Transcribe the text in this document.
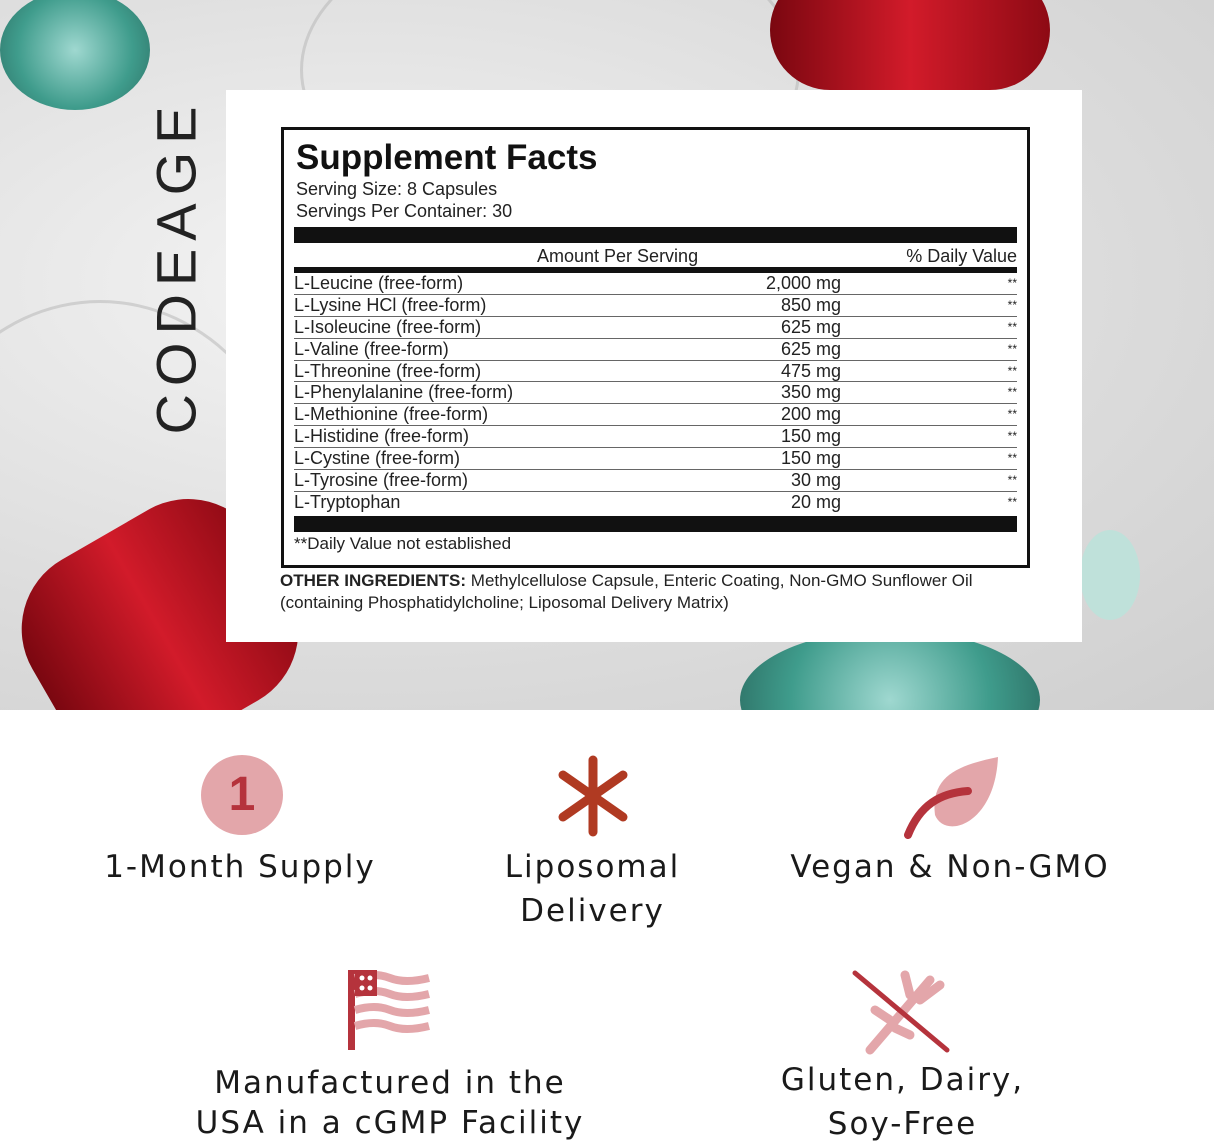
CODEAGE	Supplement Facts
Serving Size: 8 Capsules
Servings Per Container: 30
Amount Per Serving	% Daily Value
L-Leucine (free-form)	2,000 mg	**
L-Lysine HCl (free-form)	850 mg	**
L-Isoleucine (free-form)	625 mg	**
L-Valine (free-form)	625 mg	**
L-Threonine (free-form)	475 mg	**
L-Phenylalanine (free-form)	350 mg	**
L-Methionine (free-form)	200 mg	**
L-Histidine (free-form)	150 mg	**
L-Cystine (free-form)	150 mg	**
L-Tyrosine (free-form)	30 mg	**
L-Tryptophan	20 mg	**
**Daily Value not established
OTHER INGREDIENTS: Methylcellulose Capsule, Enteric Coating, Non-GMO Sunflower Oil (containing Phosphatidylcholine; Liposomal Delivery Matrix)
1
1-Month Supply	Liposomal
Delivery
Vegan & Non-GMO
Manufactured in the
USA in a cGMP Facility
Gluten, Dairy,
Soy-Free
